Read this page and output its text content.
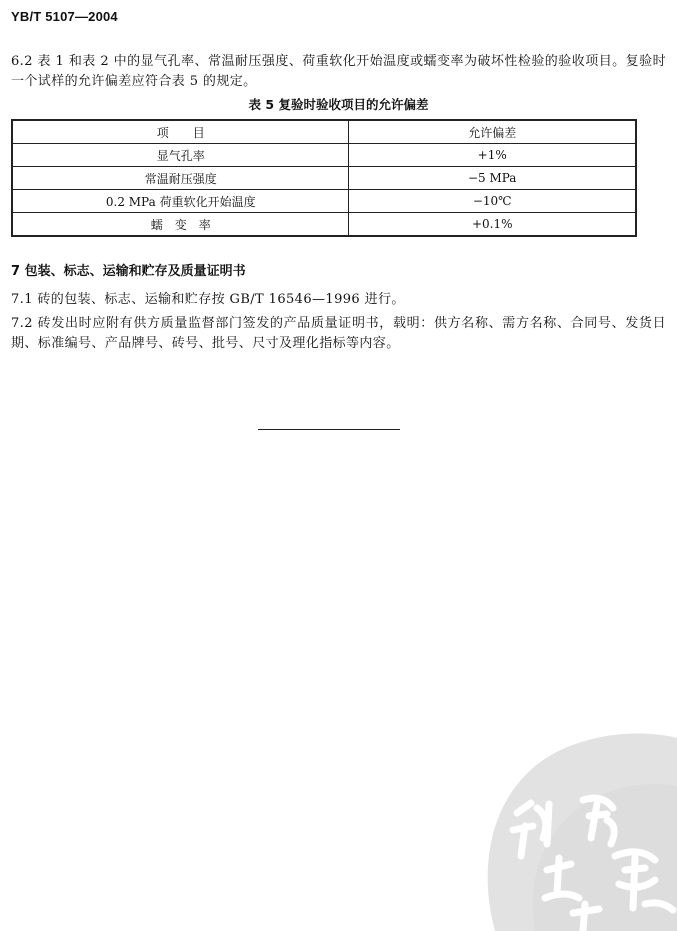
YB/T 5107—2004

6.2 表 1 和表 2 中的显气孔率、常温耐压强度、荷重软化开始温度或蠕变率为破坏性检验的验收项目。复验时一个试样的允许偏差应符合表 5 的规定。

表 5 复验时验收项目的允许偏差

项　　目	允许偏差
显气孔率	+1%
常温耐压强度	−5 MPa
0.2 MPa 荷重软化开始温度	−10℃
蠕　变　率	+0.1%

7 包装、标志、运输和贮存及质量证明书

7.1 砖的包装、标志、运输和贮存按 GB/T 16546—1996 进行。

7.2 砖发出时应附有供方质量监督部门签发的产品质量证明书，载明：供方名称、需方名称、合同号、发货日期、标准编号、产品牌号、砖号、批号、尺寸及理化指标等内容。
